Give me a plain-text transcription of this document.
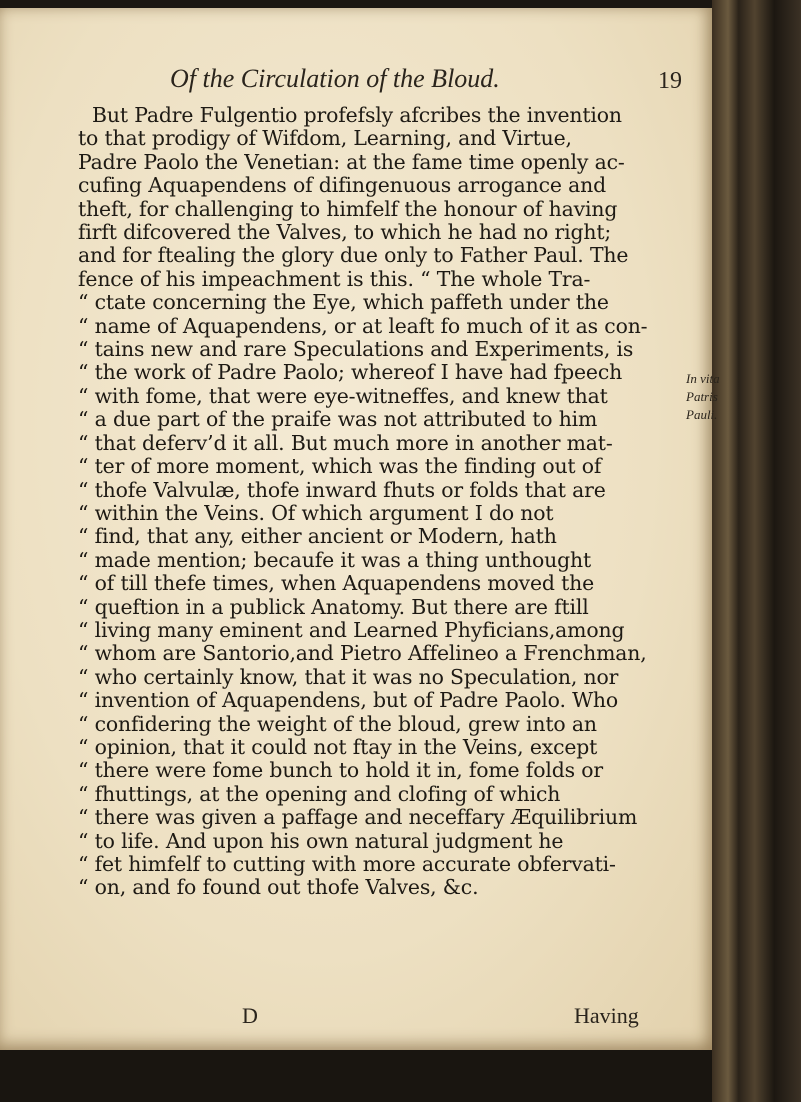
Of the Circulation of the Bloud.	19
But Padre Fulgentio profefsly afcribes the invention
to that prodigy of Wifdom, Learning, and Virtue,
Padre Paolo the Venetian: at the fame time openly ac-
cufing Aquapendens of difingenuous arrogance and
theft, for challenging to himfelf the honour of having
firft difcovered the Valves, to which he had no right;
and for ftealing the glory due only to Father Paul. The
fence of his impeachment is this. “ The whole Tra-
“ ctate concerning the Eye, which paffeth under the
“ name of Aquapendens, or at leaft fo much of it as con-
“ tains new and rare Speculations and Experiments, is
“ the work of Padre Paolo; whereof I have had fpeech
“ with fome, that were eye-witneffes, and knew that
“ a due part of the praife was not attributed to him
“ that deferv’d it all. But much more in another mat-
“ ter of more moment, which was the finding out of
“ thofe Valvulæ, thofe inward fhuts or folds that are
“ within the Veins. Of which argument I do not
“ find, that any, either ancient or Modern, hath
“ made mention; becaufe it was a thing unthought
“ of till thefe times, when Aquapendens moved the
“ queftion in a publick Anatomy. But there are ftill
“ living many eminent and Learned Phyficians,among
“ whom are Santorio,and Pietro Affelineo a Frenchman,
“ who certainly know, that it was no Speculation, nor
“ invention of Aquapendens, but of Padre Paolo. Who
“ confidering the weight of the bloud, grew into an
“ opinion, that it could not ftay in the Veins, except
“ there were fome bunch to hold it in, fome folds or
“ fhuttings, at the opening and clofing of which
“ there was given a paffage and neceffary Æquilibrium
“ to life. And upon his own natural judgment he
“ fet himfelf to cutting with more accurate obfervati-
“ on, and fo found out thofe Valves, &c.
In vita Patris Pauli.
D	Having
